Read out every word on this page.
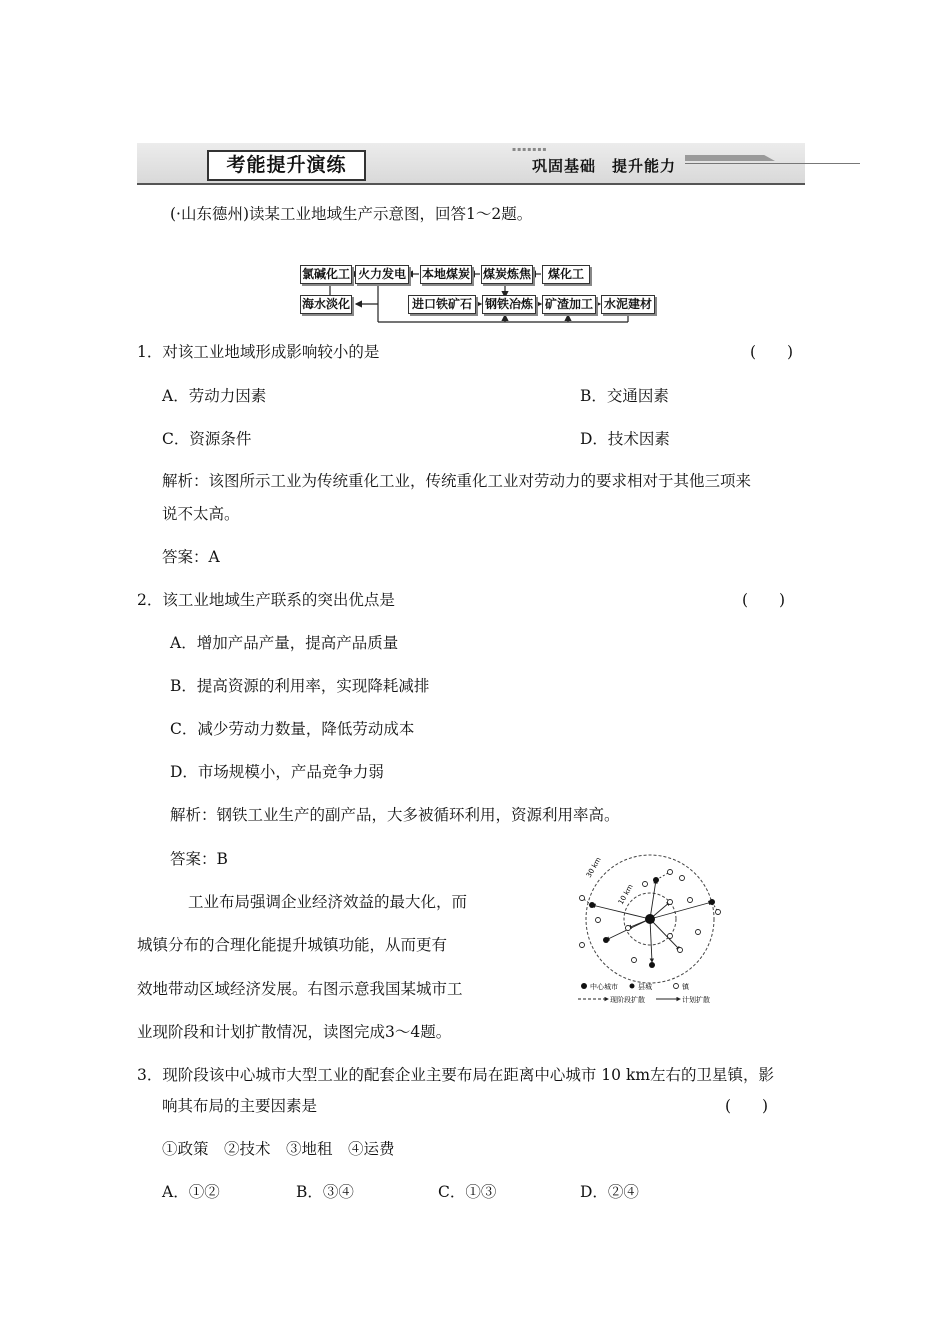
考能提升演练
▪▪▪▪▪▪▪
巩固基础　提升能力
(·山东德州)读某工业地域生产示意图，回答1～2题。
氯碱化工 火力发电 本地煤炭 煤炭炼焦	煤化工
海水淡化	进口铁矿石	钢铁冶炼 矿渣加工 水泥建材
1．对该工业地域形成影响较小的是	(　　)
A．劳动力因素	B．交通因素
C．资源条件	D．技术因素
解析：该图所示工业为传统重化工业，传统重化工业对劳动力的要求相对于其他三项来
说不太高。
答案：A
2．该工业地域生产联系的突出优点是	(　　)
A．增加产品产量，提高产品质量
B．提高资源的利用率，实现降耗减排
C．减少劳动力数量，降低劳动成本
D．市场规模小，产品竞争力弱
解析：钢铁工业生产的副产品，大多被循环利用，资源利用率高。
答案：B
工业布局强调企业经济效益的最大化，而
城镇分布的合理化能提升城镇功能，从而更有
效地带动区域经济发展。右图示意我国某城市工
业现阶段和计划扩散情况，读图完成3～4题。
30 km
10 km
中心城市	县城	镇
现阶段扩散	计划扩散
3．现阶段该中心城市大型工业的配套企业主要布局在距离中心城市 10 km左右的卫星镇，影
响其布局的主要因素是	(　　)
①政策　②技术　③地租　④运费
A．①②	B．③④	C．①③	D．②④
